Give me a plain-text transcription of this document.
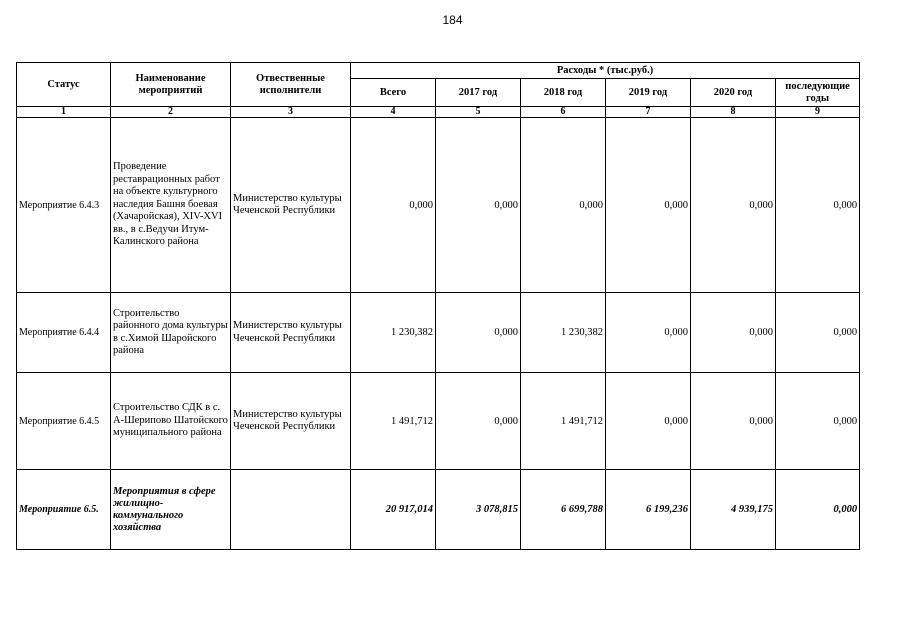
184
Статус	Наименование мероприятий	Отвественные исполнители	Расходы * (тыс.руб.)					
			Всего	2017 год	2018 год	2019 год	2020 год	последующие годы
1	2	3	4	5	6	7	8	9
Мероприятие 6.4.3	Проведение реставрационных работ на объекте культурного наследия Башня боевая (Хачаройская), XIV-XVI вв., в с.Ведучи Итум-Калинского района	Министерство культуры Чеченской Республики	0,000	0,000	0,000	0,000	0,000	0,000
Мероприятие 6.4.4	Строительство районного дома культуры в с.Химой Шаройского района	Министерство культуры Чеченской Республики	1 230,382	0,000	1 230,382	0,000	0,000	0,000
Мероприятие 6.4.5	Строительство СДК в с. А-Шерипово Шатойского муниципального района	Министерство культуры Чеченской Республики	1 491,712	0,000	1 491,712	0,000	0,000	0,000
Мероприятие 6.5.	Мероприятия в сфере жилищно-коммунального хозяйства		20 917,014	3 078,815	6 699,788	6 199,236	4 939,175	0,000
